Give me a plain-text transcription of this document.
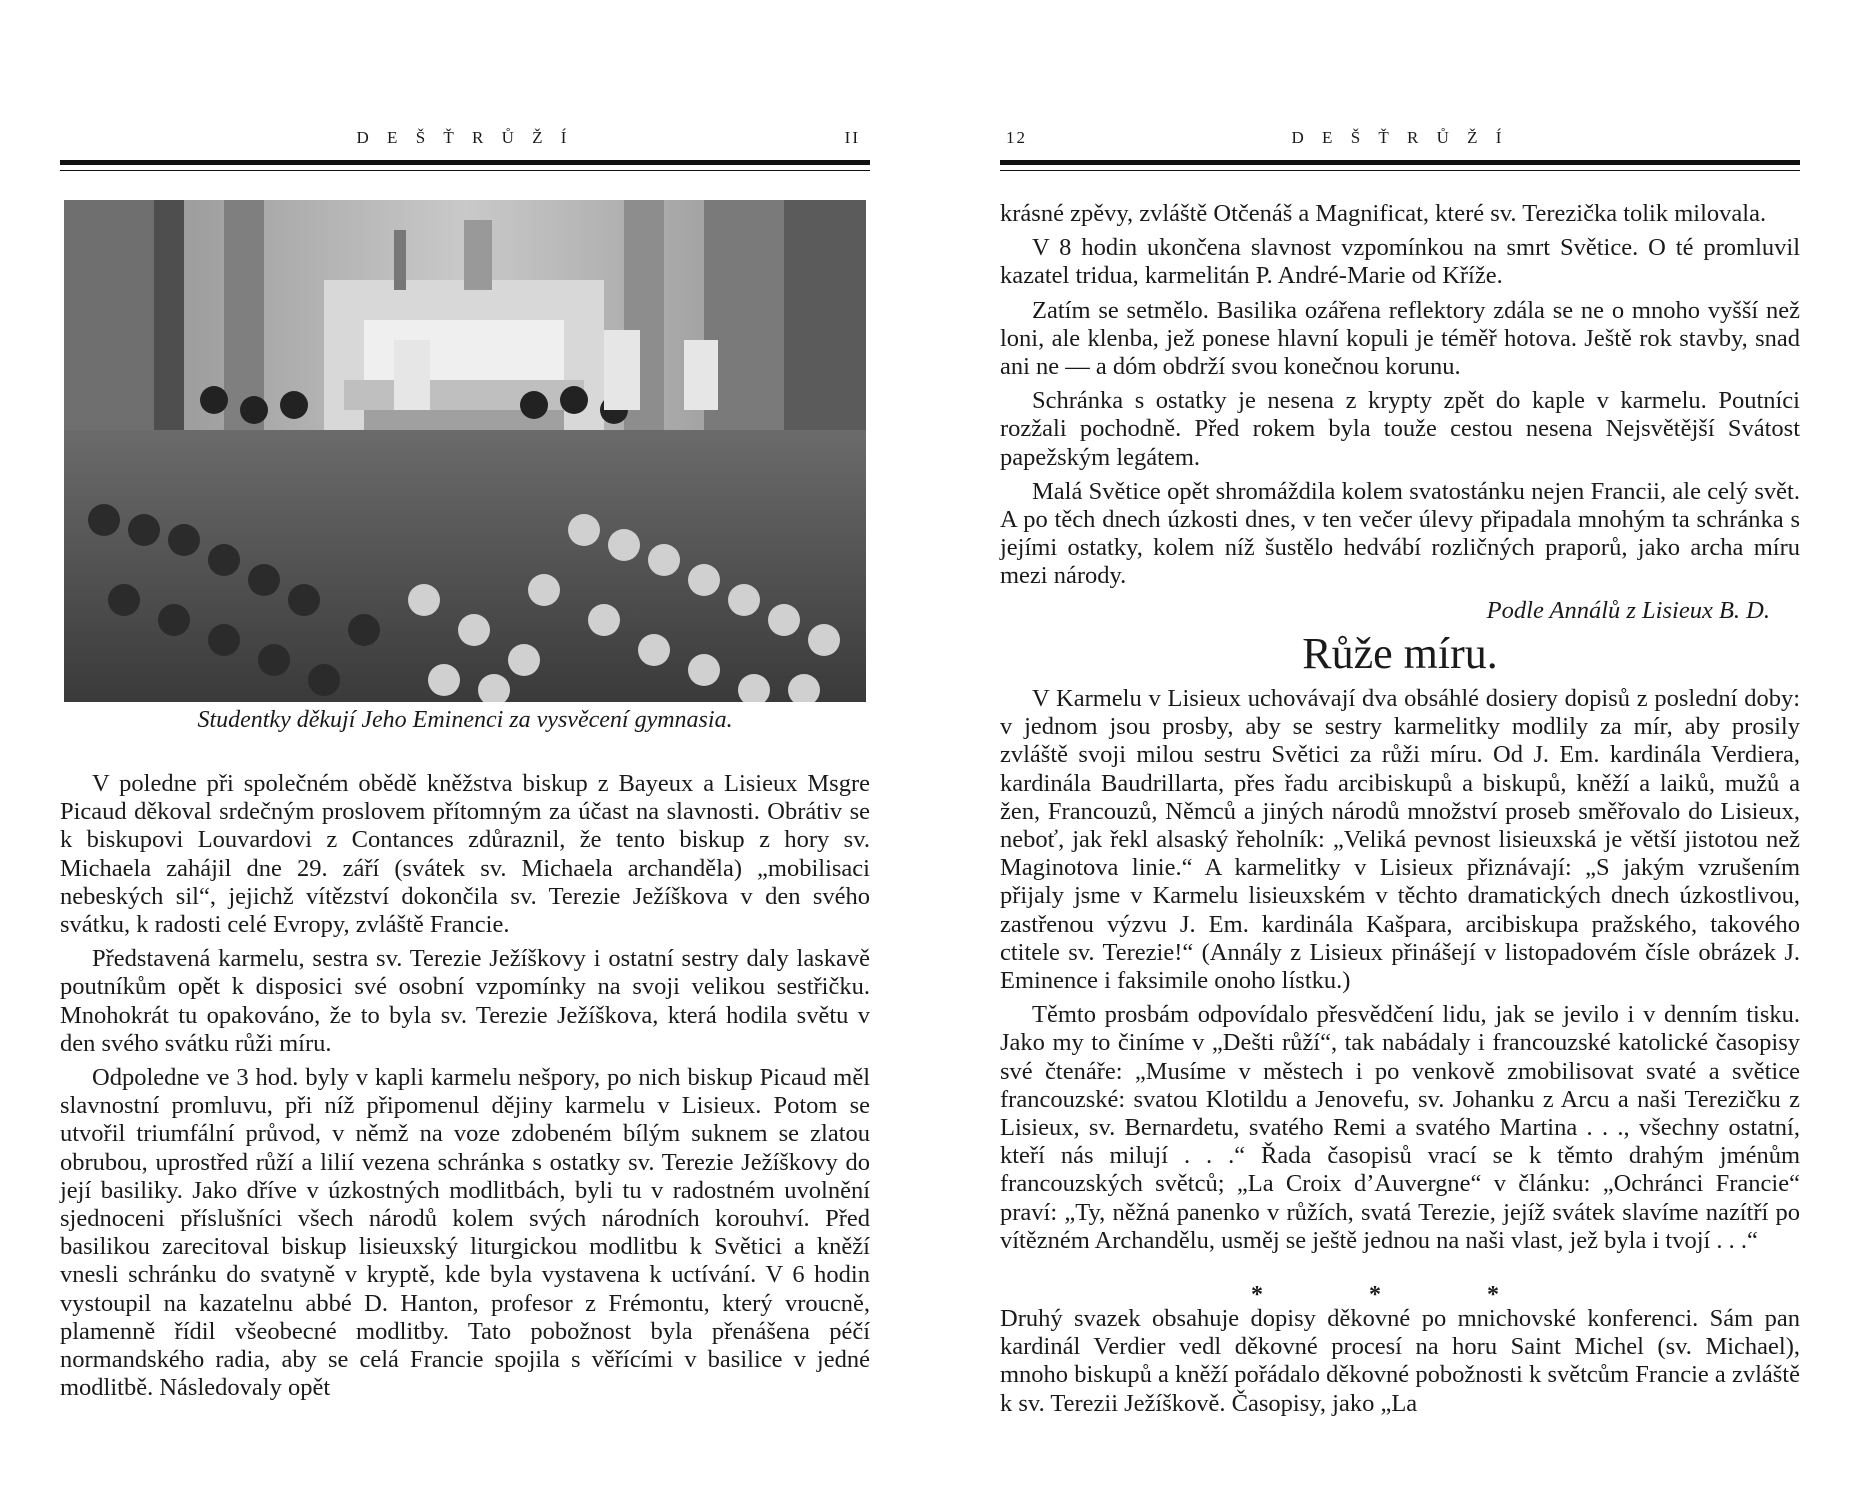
D E Š Ť R Ů Ž Í	II
Studentky děkují Jeho Eminenci za vysvěcení gymnasia.

V poledne při společném obědě kněžstva biskup z Bayeux a Lisieux Msgre Picaud děkoval srdečným proslovem přítomným za účast na slavnosti. Obrátiv se k biskupovi Louvardovi z Contances zdůraznil, že tento biskup z hory sv. Michaela zahájil dne 29. září (svátek sv. Michaela archanděla) „mobilisaci nebeských sil“, jejichž vítězství dokončila sv. Terezie Ježíškova v den svého svátku, k radosti celé Evropy, zvláště Francie.

Představená karmelu, sestra sv. Terezie Ježíškovy i ostatní sestry daly laskavě poutníkům opět k disposici své osobní vzpomínky na svoji velikou sestřičku. Mnohokrát tu opakováno, že to byla sv. Terezie Ježíškova, která hodila světu v den svého svátku růži míru.

Odpoledne ve 3 hod. byly v kapli karmelu nešpory, po nich biskup Picaud měl slavnostní promluvu, při níž připomenul dějiny karmelu v Lisieux. Potom se utvořil triumfální průvod, v němž na voze zdobeném bílým suknem se zlatou obrubou, uprostřed růží a lilií vezena schránka s ostatky sv. Terezie Ježíškovy do její basiliky. Jako dříve v úzkostných modlitbách, byli tu v radostném uvolnění sjednoceni příslušníci všech národů kolem svých národních korouhví. Před basilikou zarecitoval biskup lisieuxský liturgickou modlitbu k Světici a kněží vnesli schránku do svatyně v kryptě, kde byla vystavena k uctívání. V 6 hodin vystoupil na kazatelnu abbé D. Hanton, profesor z Frémontu, který vroucně, plamenně řídil všeobecné modlitby. Tato pobožnost byla přenášena péčí normandského radia, aby se celá Francie spojila s věřícími v basilice v jedné modlitbě. Následovaly opět

12	D E Š Ť R Ů Ž Í

krásné zpěvy, zvláště Otčenáš a Magnificat, které sv. Terezička tolik milovala.

V 8 hodin ukončena slavnost vzpomínkou na smrt Světice. O té promluvil kazatel tridua, karmelitán P. André-Marie od Kříže.

Zatím se setmělo. Basilika ozářena reflektory zdála se ne o mnoho vyšší než loni, ale klenba, jež ponese hlavní kopuli je téměř hotova. Ještě rok stavby, snad ani ne — a dóm obdrží svou konečnou korunu.

Schránka s ostatky je nesena z krypty zpět do kaple v karmelu. Poutníci rozžali pochodně. Před rokem byla touže cestou nesena Nejsvětější Svátost papežským legátem.

Malá Světice opět shromáždila kolem svatostánku nejen Francii, ale celý svět. A po těch dnech úzkosti dnes, v ten večer úlevy připadala mnohým ta schránka s jejími ostatky, kolem níž šustělo hedvábí rozličných praporů, jako archa míru mezi národy.

Podle Annálů z Lisieux B. D.

Růže míru.

V Karmelu v Lisieux uchovávají dva obsáhlé dosiery dopisů z poslední doby: v jednom jsou prosby, aby se sestry karmelitky modlily za mír, aby prosily zvláště svoji milou sestru Světici za růži míru. Od J. Em. kardinála Verdiera, kardinála Baudrillarta, přes řadu arcibiskupů a biskupů, kněží a laiků, mužů a žen, Francouzů, Němců a jiných národů množství proseb směřovalo do Lisieux, neboť, jak řekl alsaský řeholník: „Veliká pevnost lisieuxská je větší jistotou než Maginotova linie.“ A karmelitky v Lisieux přiznávají: „S jakým vzrušením přijaly jsme v Karmelu lisieuxském v těchto dramatických dnech úzkostlivou, zastřenou výzvu J. Em. kardinála Kašpara, arcibiskupa pražského, takového ctitele sv. Terezie!“ (Annály z Lisieux přinášejí v listopadovém čísle obrázek J. Eminence i faksimile onoho lístku.)

Těmto prosbám odpovídalo přesvědčení lidu, jak se jevilo i v denním tisku. Jako my to činíme v „Dešti růží“, tak nabádaly i francouzské katolické časopisy své čtenáře: „Musíme v městech i po venkově zmobilisovat svaté a světice francouzské: svatou Klotildu a Jenovefu, sv. Johanku z Arcu a naši Terezičku z Lisieux, sv. Bernardetu, svatého Remi a svatého Martina . . ., všechny ostatní, kteří nás milují . . .“ Řada časopisů vrací se k těmto drahým jménům francouzských světců; „La Croix d’Auvergne“ v článku: „Ochránci Francie“ praví: „Ty, něžná panenko v růžích, svatá Terezie, jejíž svátek slavíme nazítří po vítězném Archandělu, usměj se ještě jednou na naši vlast, jež byla i tvojí . . .“

* * *

Druhý svazek obsahuje dopisy děkovné po mnichovské konferenci. Sám pan kardinál Verdier vedl děkovné procesí na horu Saint Michel (sv. Michael), mnoho biskupů a kněží pořádalo děkovné pobožnosti k světcům Francie a zvláště k sv. Terezii Ježíškově. Časopisy, jako „La
